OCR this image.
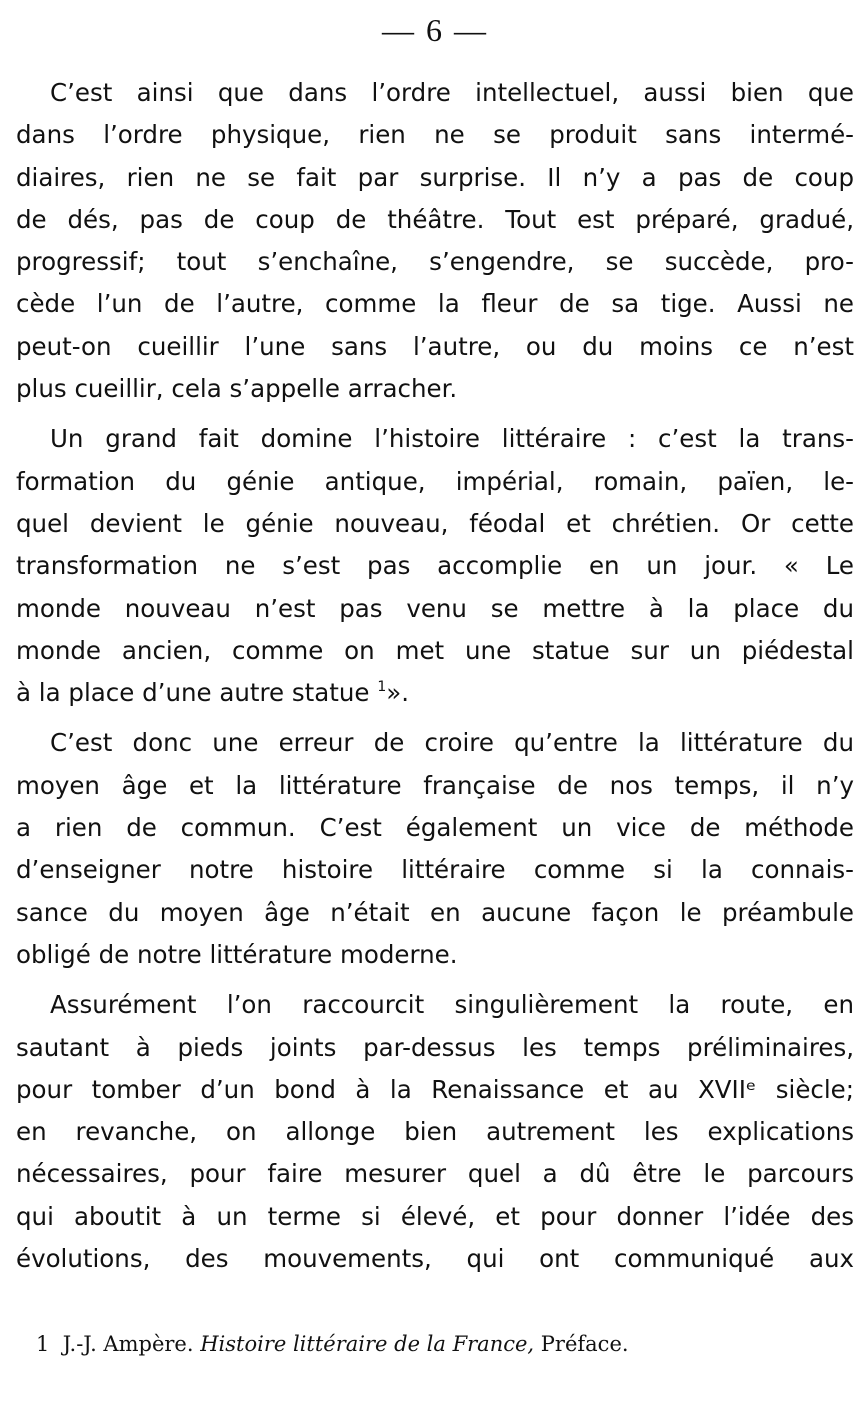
— 6 —
C’est ainsi que dans l’ordre intellectuel, aussi bien que
dans l’ordre physique, rien ne se produit sans intermé-
diaires, rien ne se fait par surprise. Il n’y a pas de coup
de dés, pas de coup de théâtre. Tout est préparé, gradué,
progressif; tout s’enchaîne, s’engendre, se succède, pro-
cède l’un de l’autre, comme la fleur de sa tige. Aussi ne
peut-on cueillir l’une sans l’autre, ou du moins ce n’est
plus cueillir, cela s’appelle arracher.
Un grand fait domine l’histoire littéraire : c’est la trans-
formation du génie antique, impérial, romain, païen, le-
quel devient le génie nouveau, féodal et chrétien. Or cette
transformation ne s’est pas accomplie en un jour. « Le
monde nouveau n’est pas venu se mettre à la place du
monde ancien, comme on met une statue sur un piédestal
à la place d’une autre statue $^1$».
C’est donc une erreur de croire qu’entre la littérature du
moyen âge et la littérature française de nos temps, il n’y
a rien de commun. C’est également un vice de méthode
d’enseigner notre histoire littéraire comme si la connais-
sance du moyen âge n’était en aucune façon le préambule
obligé de notre littérature moderne.
Assurément l’on raccourcit singulièrement la route, en
sautant à pieds joints par-dessus les temps préliminaires,
pour tomber d’un bond à la Renaissance et au XVIIᵉ siècle;
en revanche, on allonge bien autrement les explications
nécessaires, pour faire mesurer quel a dû être le parcours
qui aboutit à un terme si élevé, et pour donner l’idée des
évolutions, des mouvements, qui ont communiqué aux
1 J.-J. Ampère. Histoire littéraire de la France, Préface.
